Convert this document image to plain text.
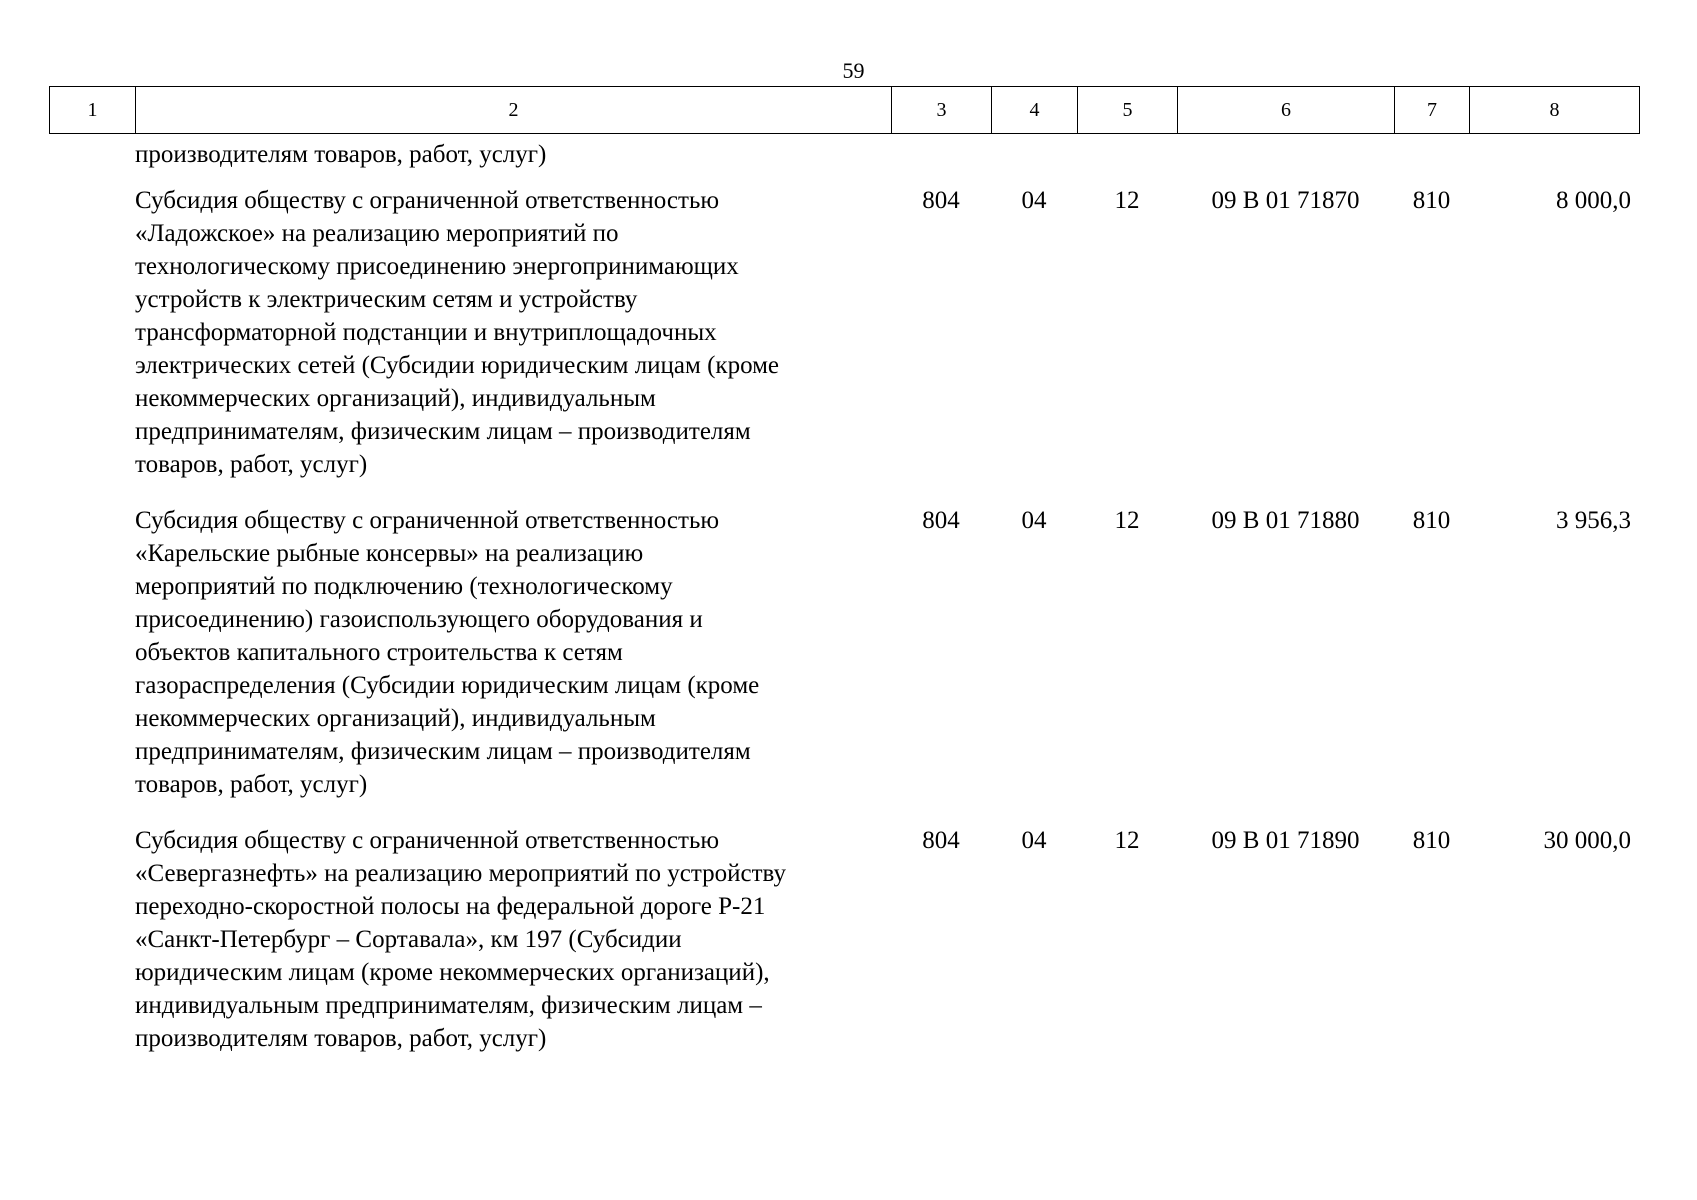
59
1	2	3	4	5	6	7	8
производителям товаров, работ, услуг)
Субсидия обществу с ограниченной ответственностью
«Ладожское» на реализацию мероприятий по
технологическому присоединению энергопринимающих
устройств к электрическим сетям и устройству
трансформаторной подстанции и внутриплощадочных
электрических сетей (Субсидии юридическим лицам (кроме
некоммерческих организаций), индивидуальным
предпринимателям, физическим лицам – производителям
товаров, работ, услуг)
804	04	12	09 В 01 71870	810	8 000,0
Субсидия обществу с ограниченной ответственностью
«Карельские рыбные консервы» на реализацию
мероприятий по подключению (технологическому
присоединению) газоиспользующего оборудования и
объектов капитального строительства к сетям
газораспределения (Субсидии юридическим лицам (кроме
некоммерческих организаций), индивидуальным
предпринимателям, физическим лицам – производителям
товаров, работ, услуг)
804	04	12	09 В 01 71880	810	3 956,3
Субсидия обществу с ограниченной ответственностью
«Севергазнефть» на реализацию мероприятий по устройству
переходно-скоростной полосы на федеральной дороге Р-21
«Санкт-Петербург – Сортавала», км 197 (Субсидии
юридическим лицам (кроме некоммерческих организаций),
индивидуальным предпринимателям, физическим лицам –
производителям товаров, работ, услуг)
804	04	12	09 В 01 71890	810	30 000,0
